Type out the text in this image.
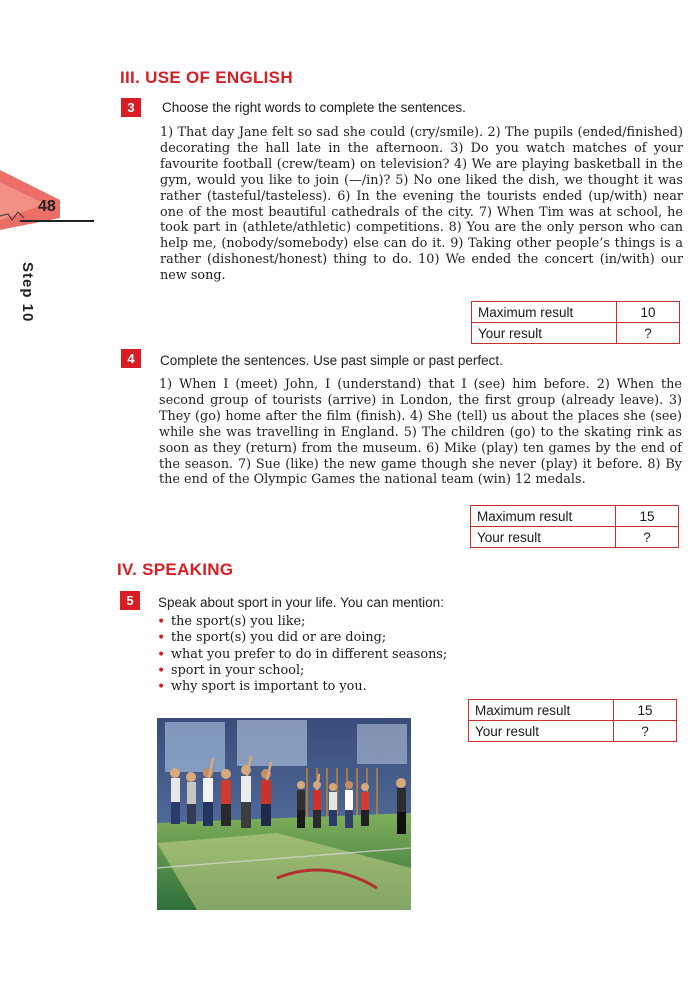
48
Step 10
III. USE OF ENGLISH
3	Choose the right words to complete the sentences.
1) That day Jane felt so sad she could (cry/smile). 2) The pupils (ended/finished) decorating the hall late in the afternoon. 3) Do you watch matches of your favourite football (crew/team) on television? 4) We are playing basketball in the gym, would you like to join (—/in)? 5) No one liked the dish, we thought it was rather (tasteful/tasteless). 6) In the evening the tourists ended (up/with) near one of the most beautiful cathedrals of the city. 7) When Tim was at school, he took part in (athlete/athletic) competitions. 8) You are the only person who can help me, (nobody/somebody) else can do it. 9) Taking other people’s things is a rather (dishonest/honest) thing to do. 10) We ended the concert (in/with) our new song.
Maximum result	10
Your result	?
4	Complete the sentences. Use past simple or past perfect.
1) When I (meet) John, I (understand) that I (see) him before. 2) When the second group of tourists (arrive) in London, the first group (already leave). 3) They (go) home after the film (finish). 4) She (tell) us about the places she (see) while she was travelling in England. 5) The children (go) to the skating rink as soon as they (return) from the museum. 6) Mike (play) ten games by the end of the season. 7) Sue (like) the new game though she never (play) it before. 8) By the end of the Olympic Games the national team (win) 12 medals.
Maximum result	15
Your result	?
IV. SPEAKING
5	Speak about sport in your life. You can mention:
• the sport(s) you like;
• the sport(s) you did or are doing;
• what you prefer to do in different seasons;
• sport in your school;
• why sport is important to you.
Maximum result	15
Your result	?
